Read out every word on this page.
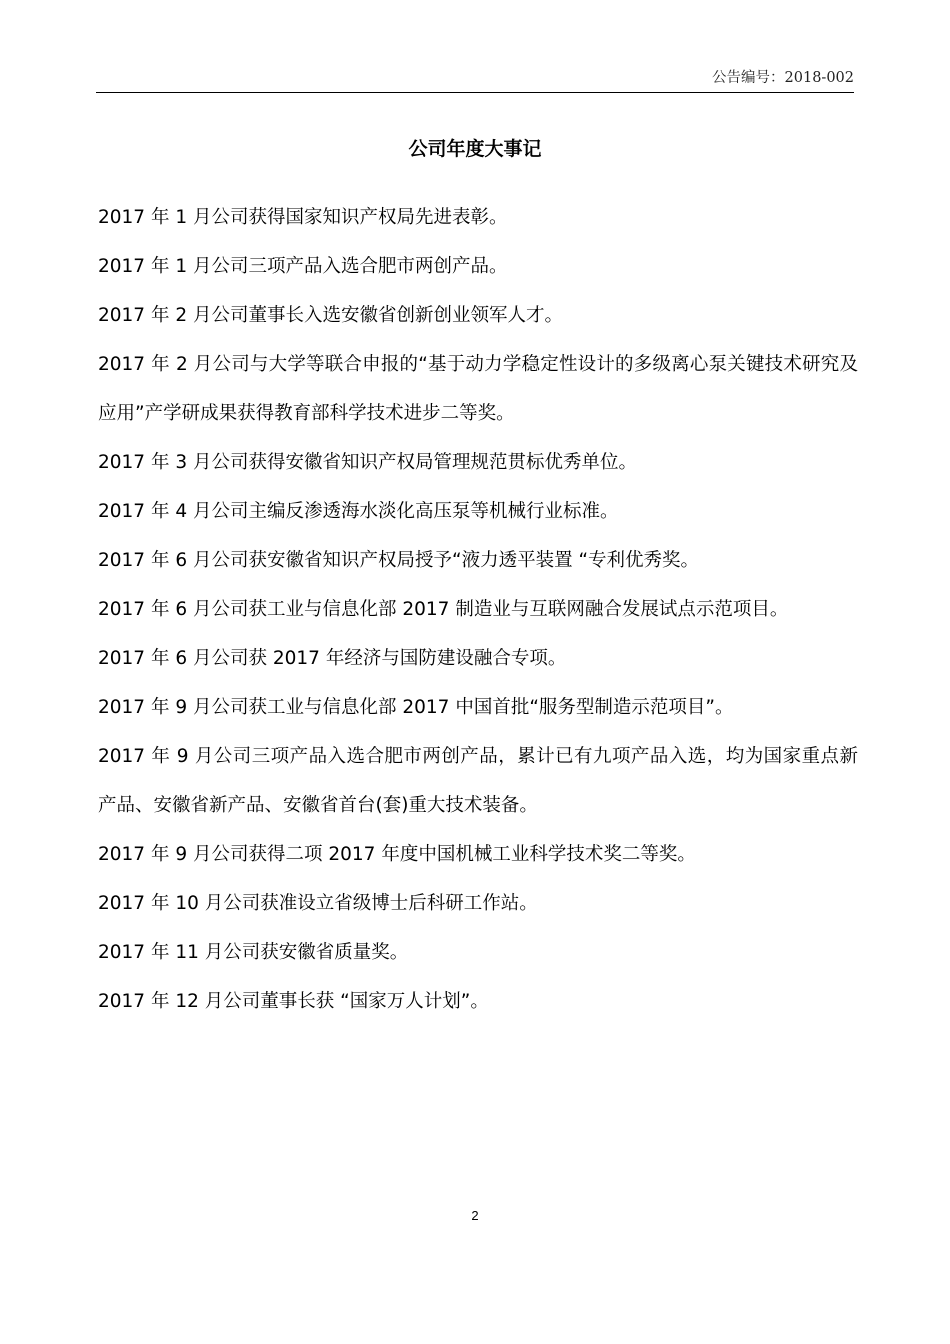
公告编号：2018-002
公司年度大事记
2017 年 1 月公司获得国家知识产权局先进表彰。
2017 年 1 月公司三项产品入选合肥市两创产品。
2017 年 2 月公司董事长入选安徽省创新创业领军人才。
2017 年 2 月公司与大学等联合申报的“基于动力学稳定性设计的多级离心泵关键技术研究及应用”产学研成果获得教育部科学技术进步二等奖。
2017 年 3 月公司获得安徽省知识产权局管理规范贯标优秀单位。
2017 年 4 月公司主编反渗透海水淡化高压泵等机械行业标准。
2017 年 6 月公司获安徽省知识产权局授予“液力透平装置 “专利优秀奖。
2017 年 6 月公司获工业与信息化部 2017 制造业与互联网融合发展试点示范项目。
2017 年 6 月公司获 2017 年经济与国防建设融合专项。
2017 年 9 月公司获工业与信息化部 2017 中国首批“服务型制造示范项目”。
2017 年 9 月公司三项产品入选合肥市两创产品，累计已有九项产品入选，均为国家重点新产品、安徽省新产品、安徽省首台(套)重大技术装备。
2017 年 9 月公司获得二项 2017 年度中国机械工业科学技术奖二等奖。
2017 年 10 月公司获准设立省级博士后科研工作站。
2017 年 11 月公司获安徽省质量奖。
2017 年 12 月公司董事长获 “国家万人计划”。
2
